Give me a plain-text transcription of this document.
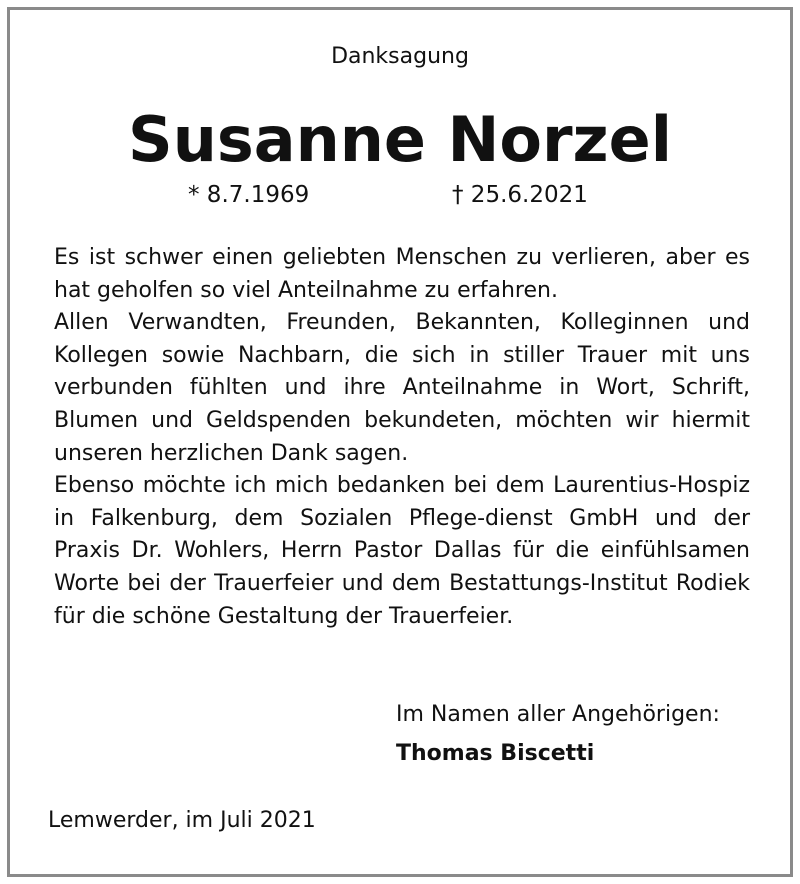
Danksagung
Susanne Norzel
* 8.7.1969	† 25.6.2021

Es ist schwer einen geliebten Menschen zu verlieren, aber es hat geholfen so viel Anteilnahme zu erfahren.

Allen Verwandten, Freunden, Bekannten, Kolleginnen und Kollegen sowie Nachbarn, die sich in stiller Trauer mit uns verbunden fühlten und ihre Anteilnahme in Wort, Schrift, Blumen und Geldspenden bekundeten, möchten wir hiermit unseren herzlichen Dank sagen.

Ebenso möchte ich mich bedanken bei dem Laurentius-Hospiz in Falkenburg, dem Sozialen Pflege-dienst GmbH und der Praxis Dr. Wohlers, Herrn Pastor Dallas für die einfühlsamen Worte bei der Trauerfeier und dem Bestattungs-Institut Rodiek für die schöne Gestaltung der Trauerfeier.

Im Namen aller Angehörigen:
Thomas Biscetti
Lemwerder, im Juli 2021
